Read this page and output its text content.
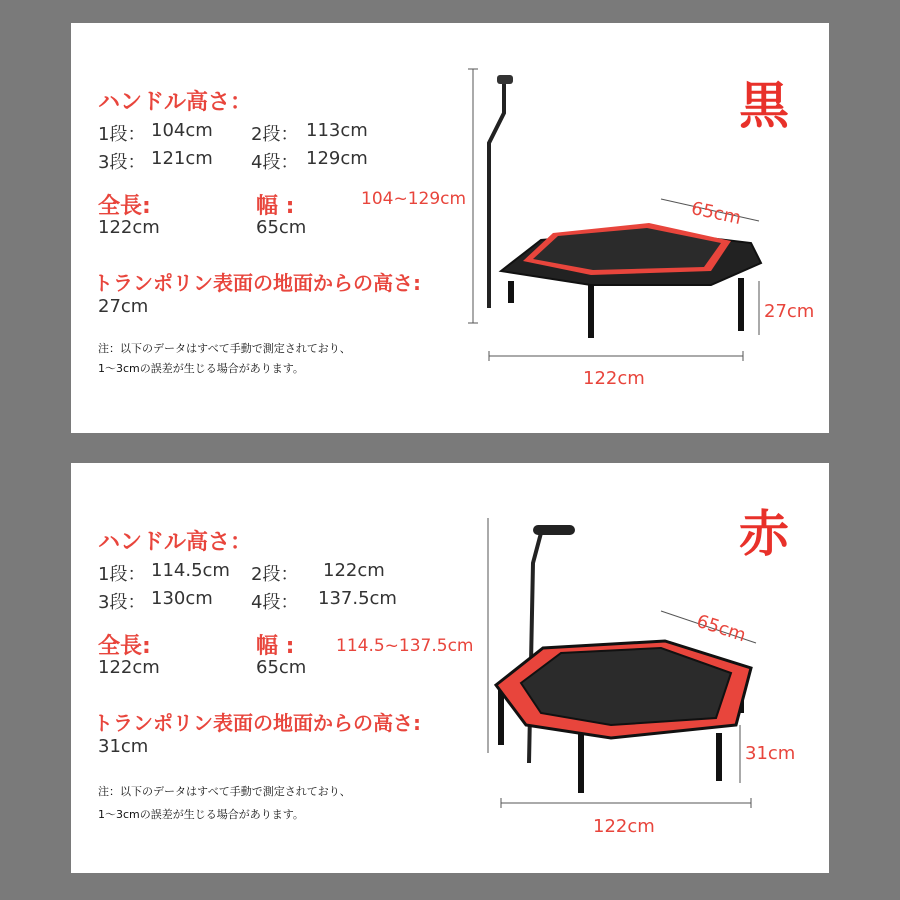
ハンドル高さ：
1段： 104cm 2段： 113cm
3段： 121cm 4段： 129cm
全長:
122cm
幅 :
65cm
トランポリン表面の地面からの高さ:
27cm
注：以下のデータはすべて手動で測定されており、
1～3cmの誤差が生じる場合があります。
黒
104~129cm	65cm
27cm
122cm
ハンドル高さ：
1段： 114.5cm 2段： 122cm
3段： 130cm 4段： 137.5cm
全長:
122cm
幅 :
65cm
トランポリン表面の地面からの高さ:
31cm
注：以下のデータはすべて手動で測定されており、
1～3cmの誤差が生じる場合があります。
赤
114.5~137.5cm	65cm
31cm
122cm
